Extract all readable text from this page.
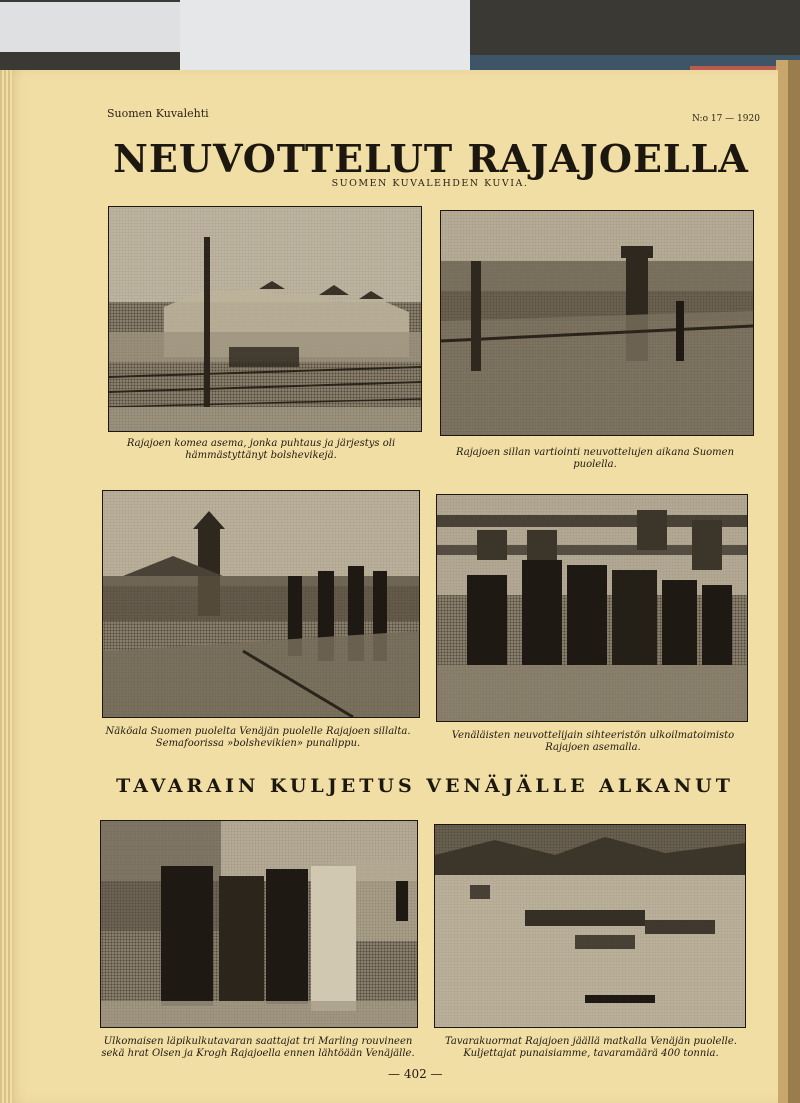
Suomen Kuvalehti	N:o 17 — 1920
NEUVOTTELUT RAJAJOELLA
SUOMEN KUVALEHDEN KUVIA.
Rajajoen komea asema, jonka puhtaus ja järjestys oli hämmästyttänyt bolshevikejä.	Rajajoen sillan vartiointi neuvottelujen aikana Suomen puolella.
Näköala Suomen puolelta Venäjän puolelle Rajajoen sillalta. Semafoorissa »bolshevikien» punalippu.
Venäläisten neuvottelijain sihteeristön ulkoilmatoimisto Rajajoen asemalla.
TAVARAIN KULJETUS VENÄJÄLLE ALKANUT
Ulkomaisen läpikulkutavaran saattajat tri Marling rouvineen sekä hrat Olsen ja Krogh Rajajoella ennen lähtöään Venäjälle.
Tavarakuormat Rajajoen jäällä matkalla Venäjän puolelle. Kuljettajat punaisiamme, tavaramäärä 400 tonnia.
— 402 —
